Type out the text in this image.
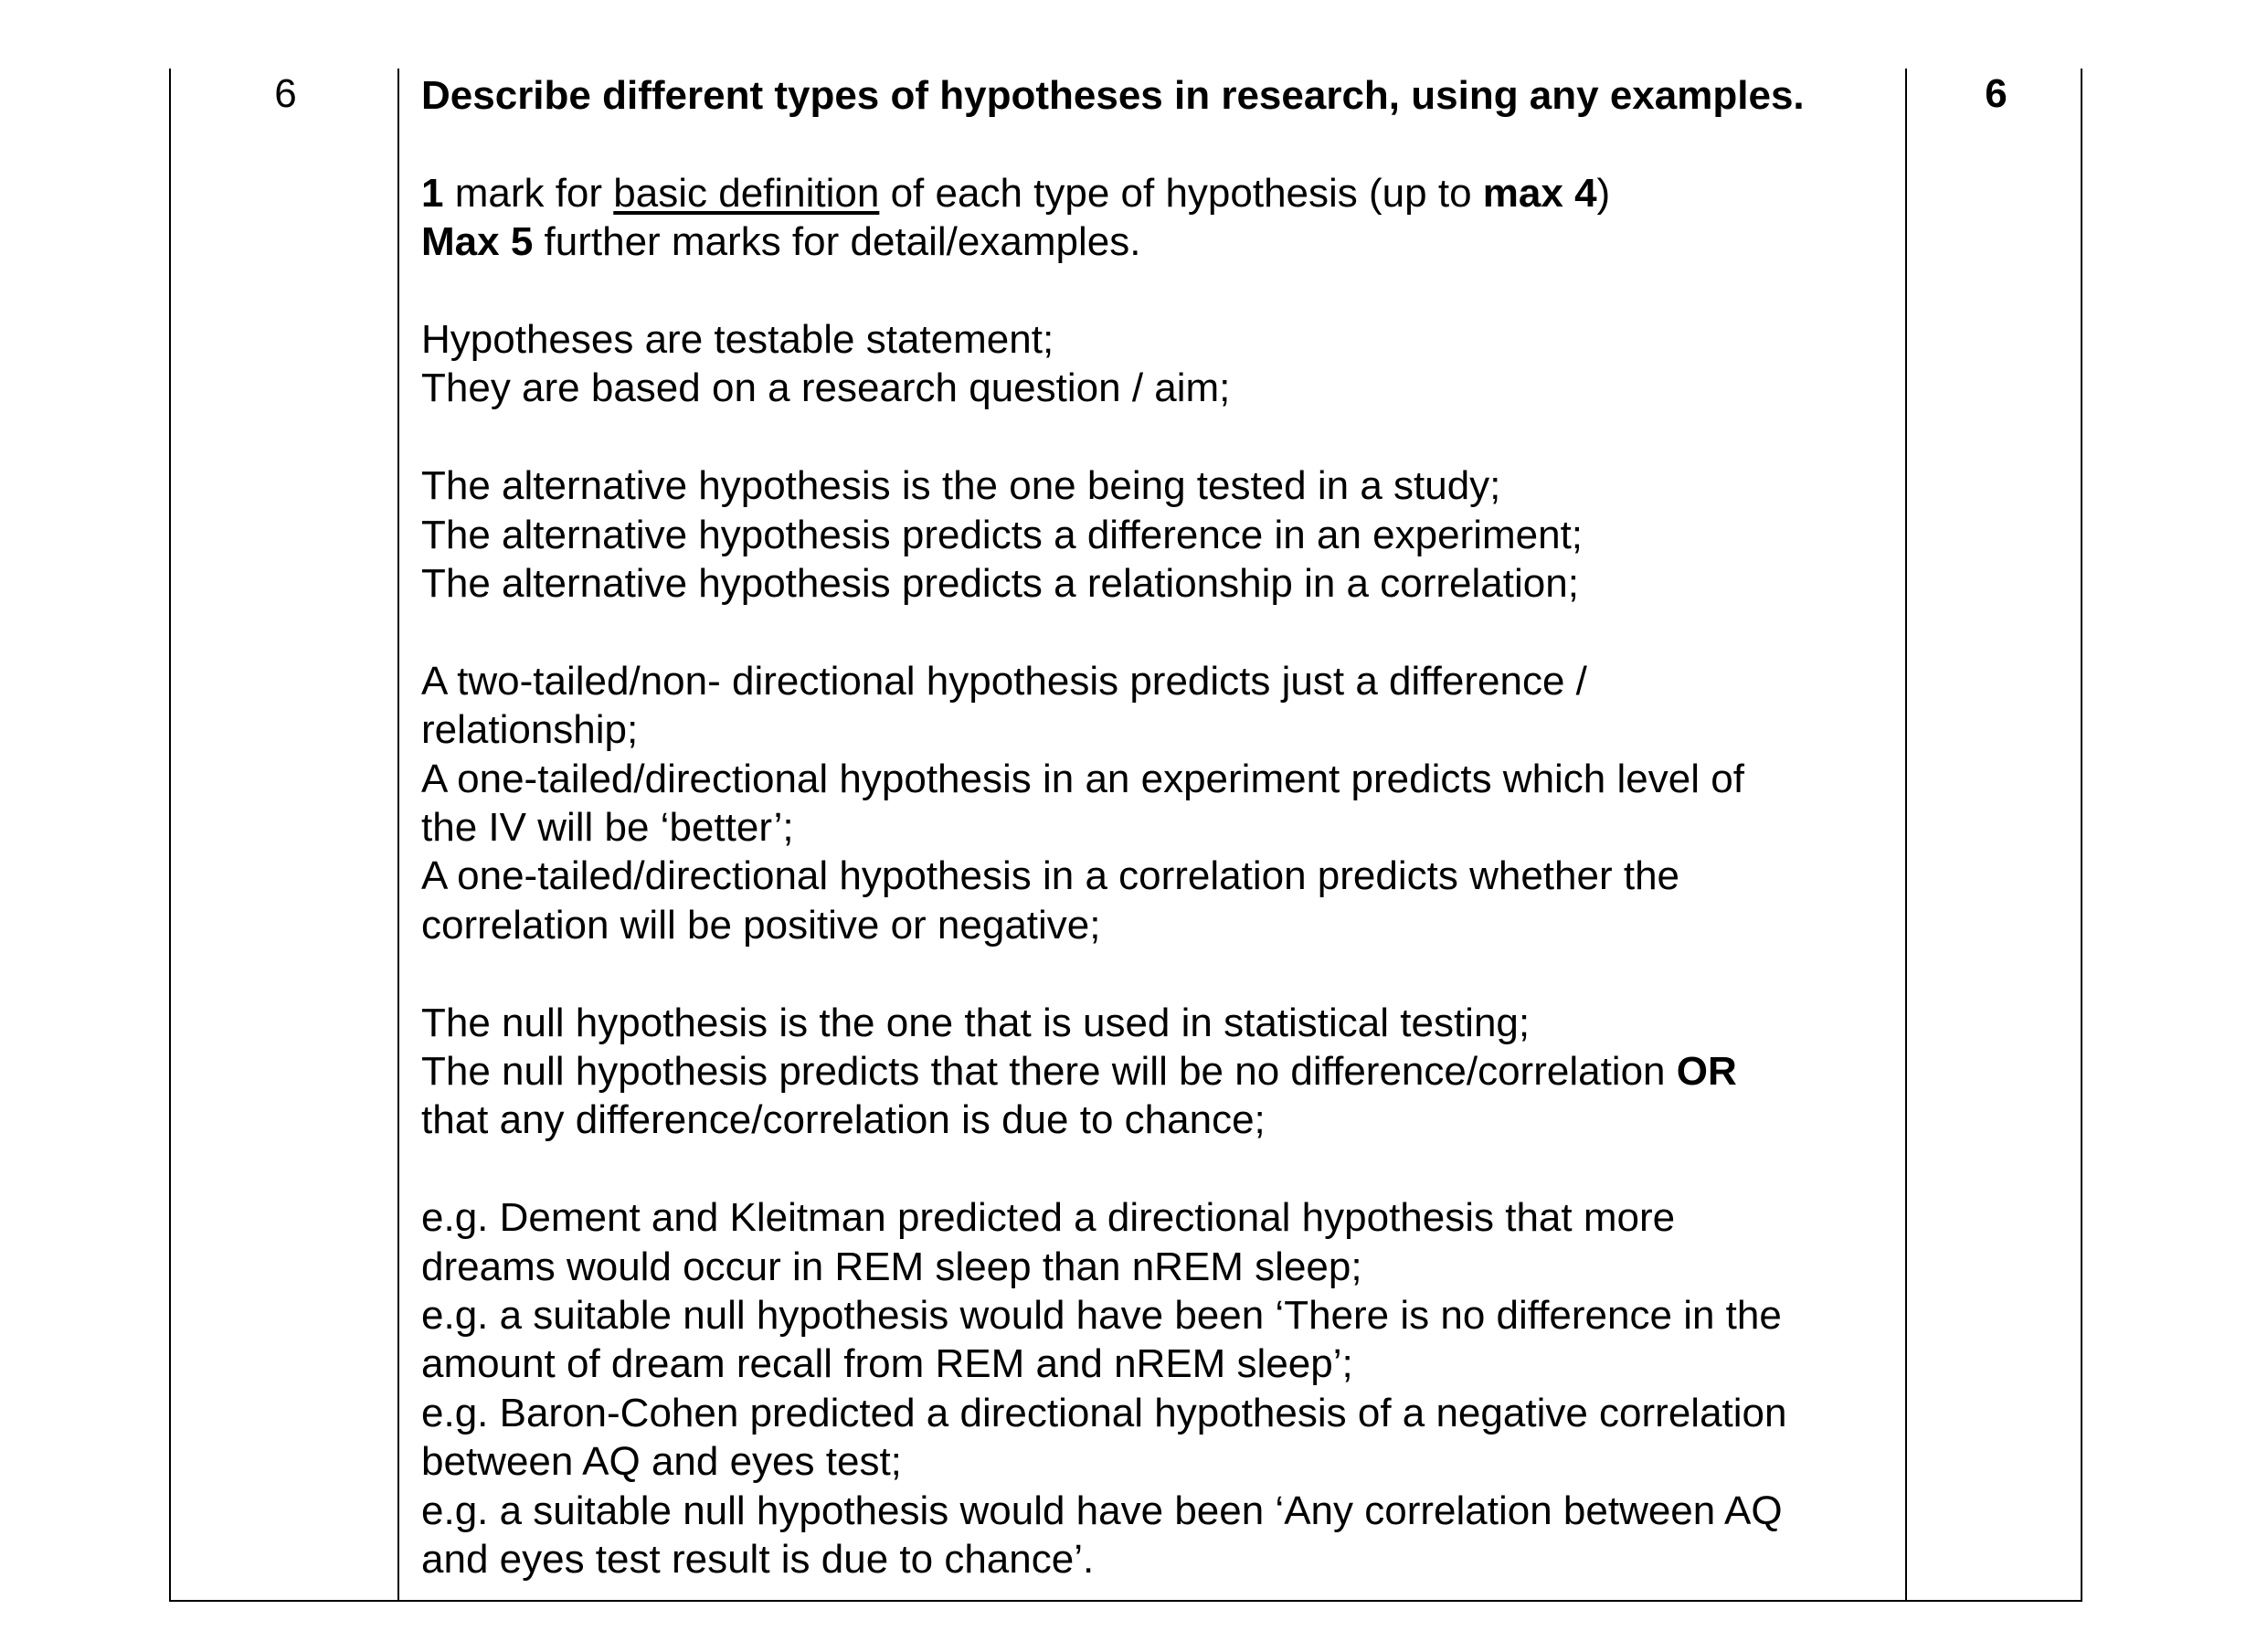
6	6

Describe different types of hypotheses in research, using any examples.

1 mark for basic definition of each type of hypothesis (up to max 4)

Max 5 further marks for detail/examples.

Hypotheses are testable statement;

They are based on a research question / aim;

The alternative hypothesis is the one being tested in a study;

The alternative hypothesis predicts a difference in an experiment;

The alternative hypothesis predicts a relationship in a correlation;

A two-tailed/non- directional hypothesis predicts just a difference /

relationship;

A one-tailed/directional hypothesis in an experiment predicts which level of

the IV will be ‘better’;

A one-tailed/directional hypothesis in a correlation predicts whether the

correlation will be positive or negative;

The null hypothesis is the one that is used in statistical testing;

The null hypothesis predicts that there will be no difference/correlation OR

that any difference/correlation is due to chance;

e.g. Dement and Kleitman predicted a directional hypothesis that more

dreams would occur in REM sleep than nREM sleep;

e.g. a suitable null hypothesis would have been ‘There is no difference in the

amount of dream recall from REM and nREM sleep’;

e.g. Baron-Cohen predicted a directional hypothesis of a negative correlation

between AQ and eyes test;

e.g. a suitable null hypothesis would have been ‘Any correlation between AQ

and eyes test result is due to chance’.
